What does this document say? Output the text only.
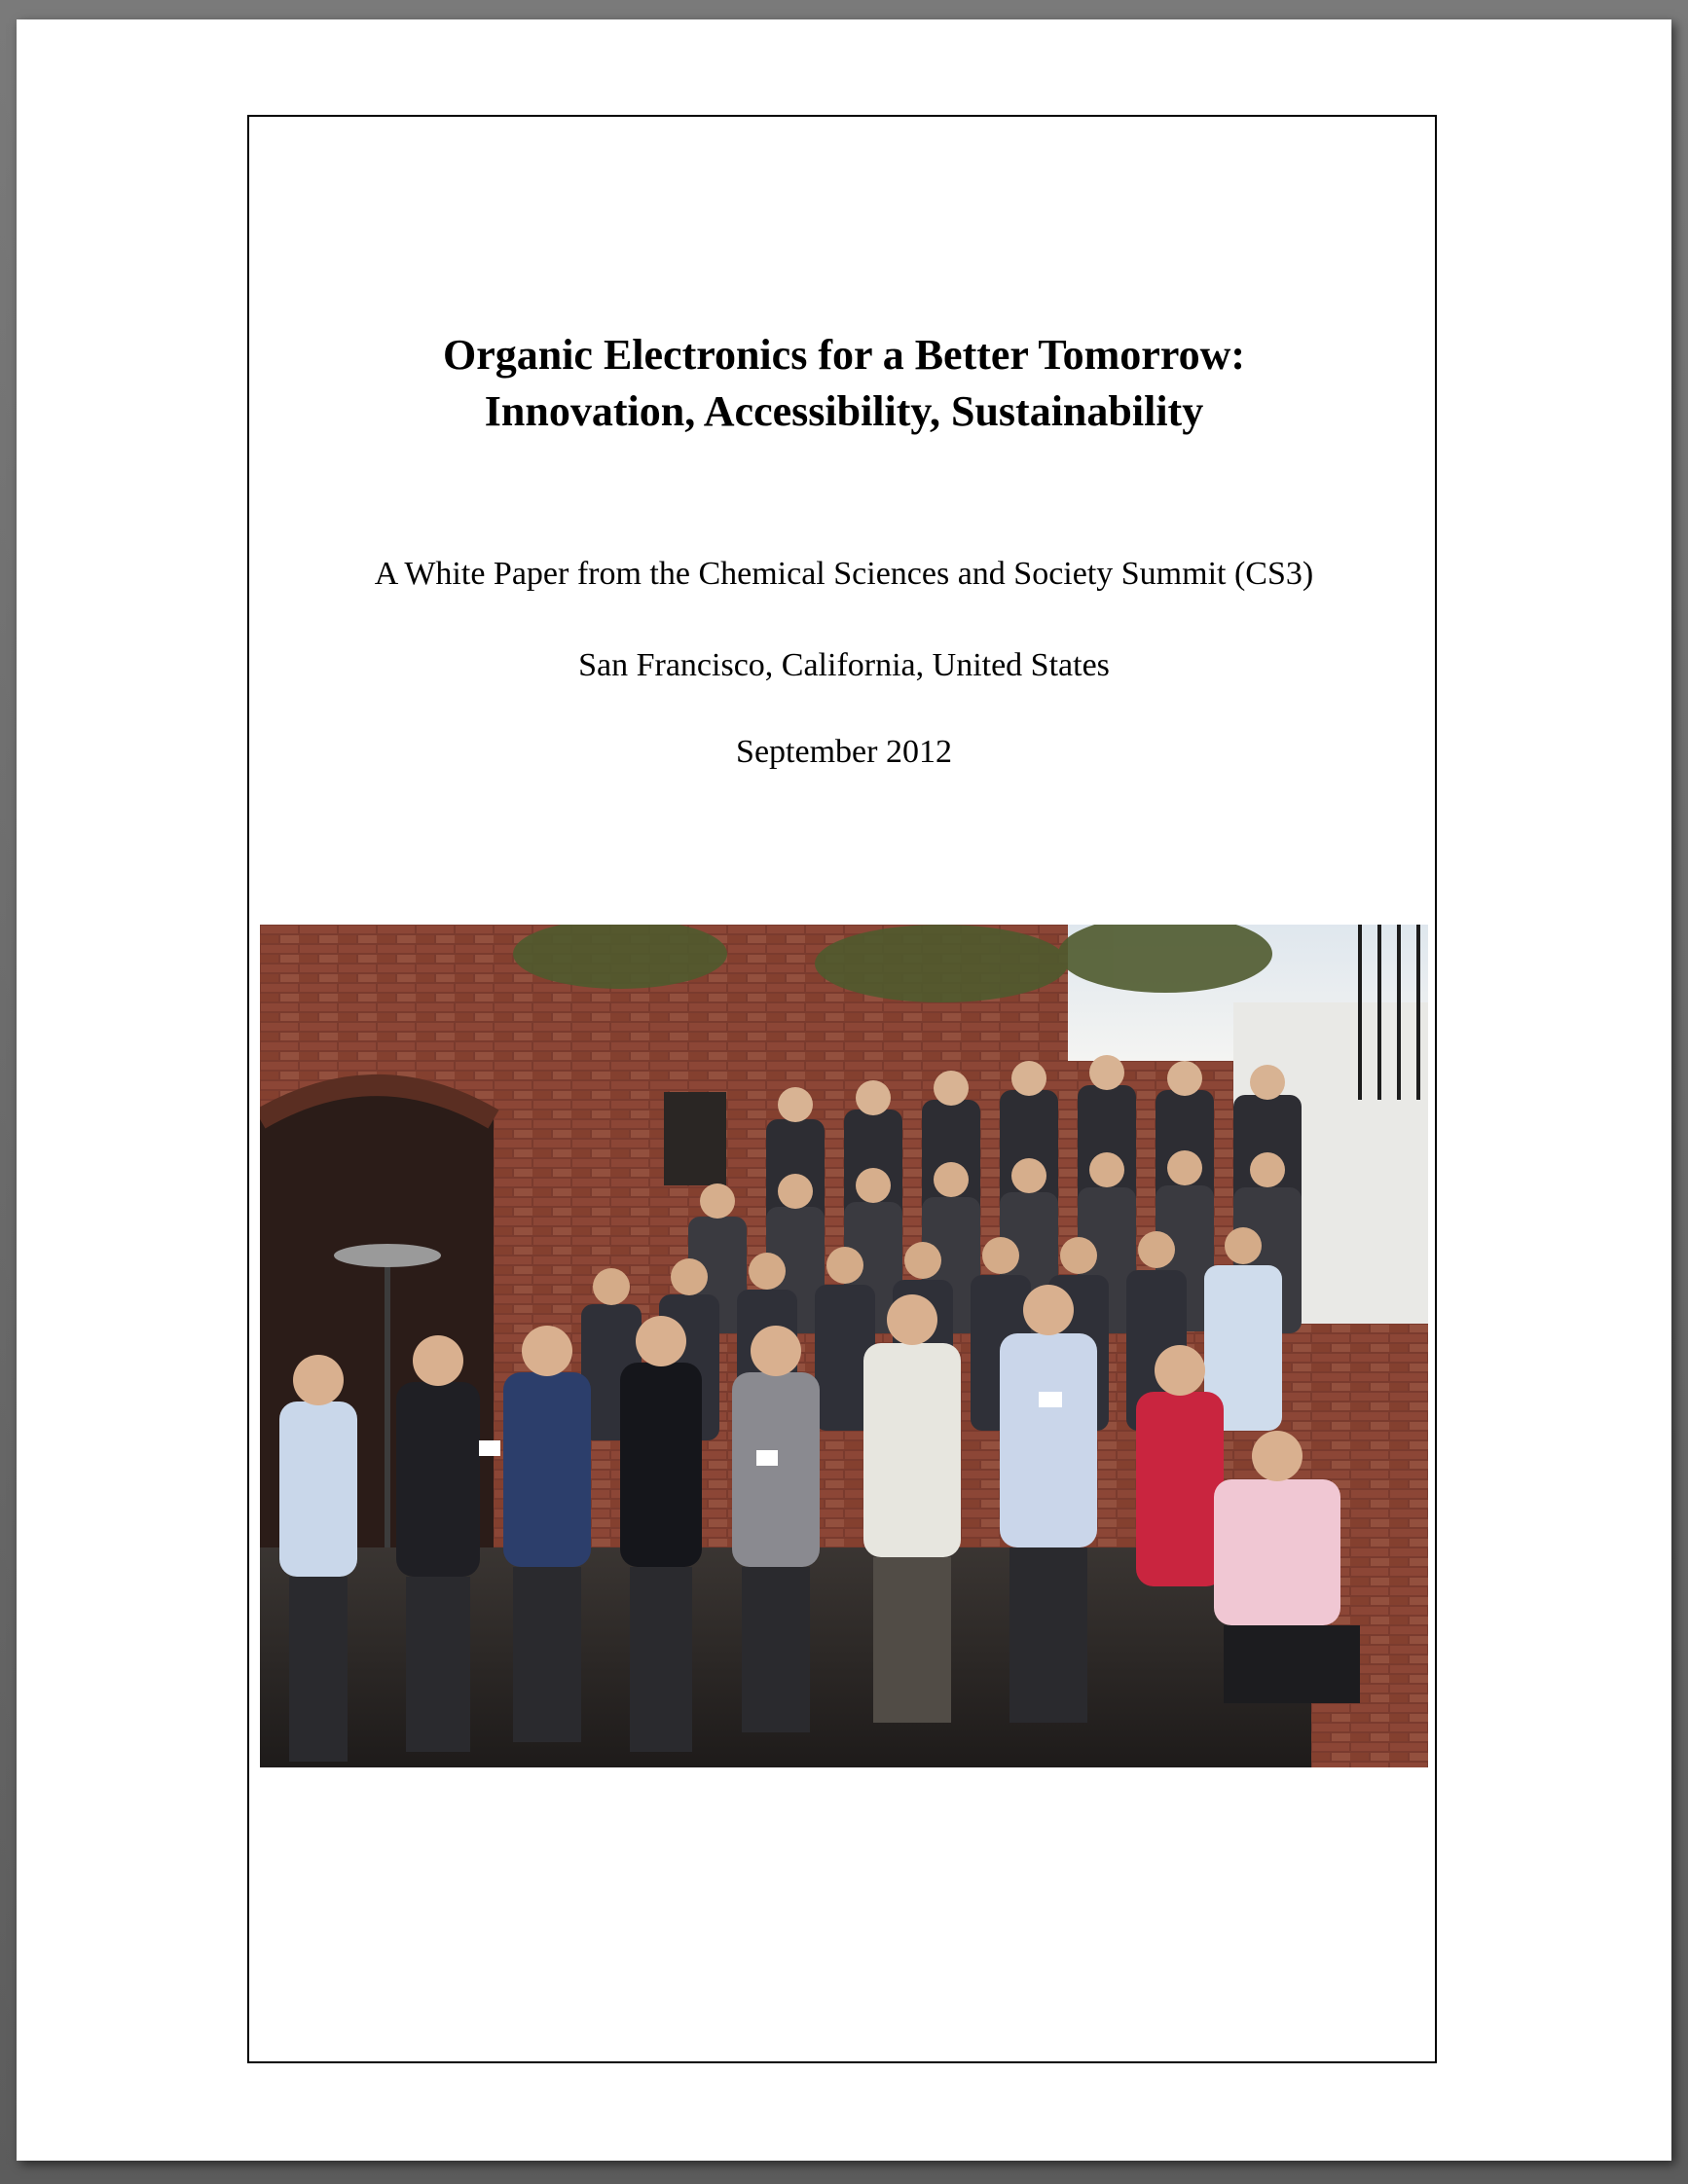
Organic Electronics for a Better Tomorrow:
Innovation, Accessibility, Sustainability
A White Paper from the Chemical Sciences and Society Summit (CS3)
San Francisco, California, United States
September 2012
